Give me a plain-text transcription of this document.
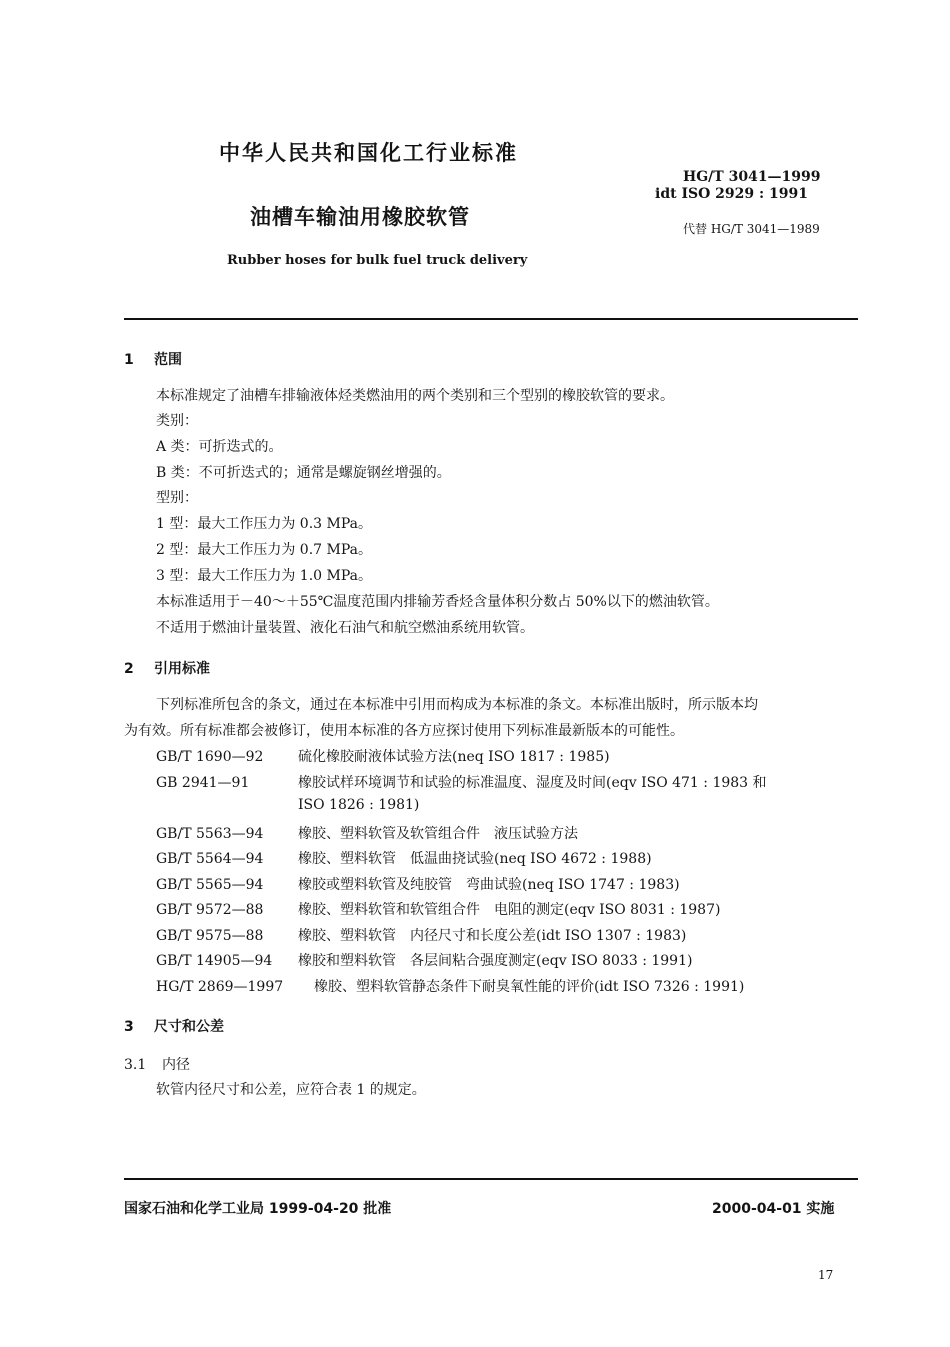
中华人民共和国化工行业标准
HG/T 3041—1999
idt ISO 2929 : 1991
油槽车输油用橡胶软管	代替 HG/T 3041—1989
Rubber hoses for bulk fuel truck delivery
1 范围
本标准规定了油槽车排输液体烃类燃油用的两个类别和三个型别的橡胶软管的要求。
类别：
A 类：可折迭式的。
B 类：不可折迭式的；通常是螺旋钢丝增强的。
型别：
1 型：最大工作压力为 0.3 MPa。
2 型：最大工作压力为 0.7 MPa。
3 型：最大工作压力为 1.0 MPa。
本标准适用于－40～＋55℃温度范围内排输芳香烃含量体积分数占 50%以下的燃油软管。
不适用于燃油计量装置、液化石油气和航空燃油系统用软管。
2 引用标准
下列标准所包含的条文，通过在本标准中引用而构成为本标准的条文。本标准出版时，所示版本均
为有效。所有标准都会被修订，使用本标准的各方应探讨使用下列标准最新版本的可能性。
GB/T 1690—92 硫化橡胶耐液体试验方法(neq ISO 1817 : 1985)
GB 2941—91	橡胶试样环境调节和试验的标准温度、湿度及时间(eqv ISO 471 : 1983 和
ISO 1826 : 1981)
GB/T 5563—94 橡胶、塑料软管及软管组合件　液压试验方法
GB/T 5564—94 橡胶、塑料软管　低温曲挠试验(neq ISO 4672 : 1988)
GB/T 5565—94 橡胶或塑料软管及纯胶管　弯曲试验(neq ISO 1747 : 1983)
GB/T 9572—88 橡胶、塑料软管和软管组合件　电阻的测定(eqv ISO 8031 : 1987)
GB/T 9575—88 橡胶、塑料软管　内径尺寸和长度公差(idt ISO 1307 : 1983)
GB/T 14905—94 橡胶和塑料软管　各层间粘合强度测定(eqv ISO 8033 : 1991)
HG/T 2869—1997 橡胶、塑料软管静态条件下耐臭氧性能的评价(idt ISO 7326 : 1991)
3 尺寸和公差
3.1 内径
软管内径尺寸和公差，应符合表 1 的规定。
国家石油和化学工业局 1999-04-20 批准	2000-04-01 实施
17
